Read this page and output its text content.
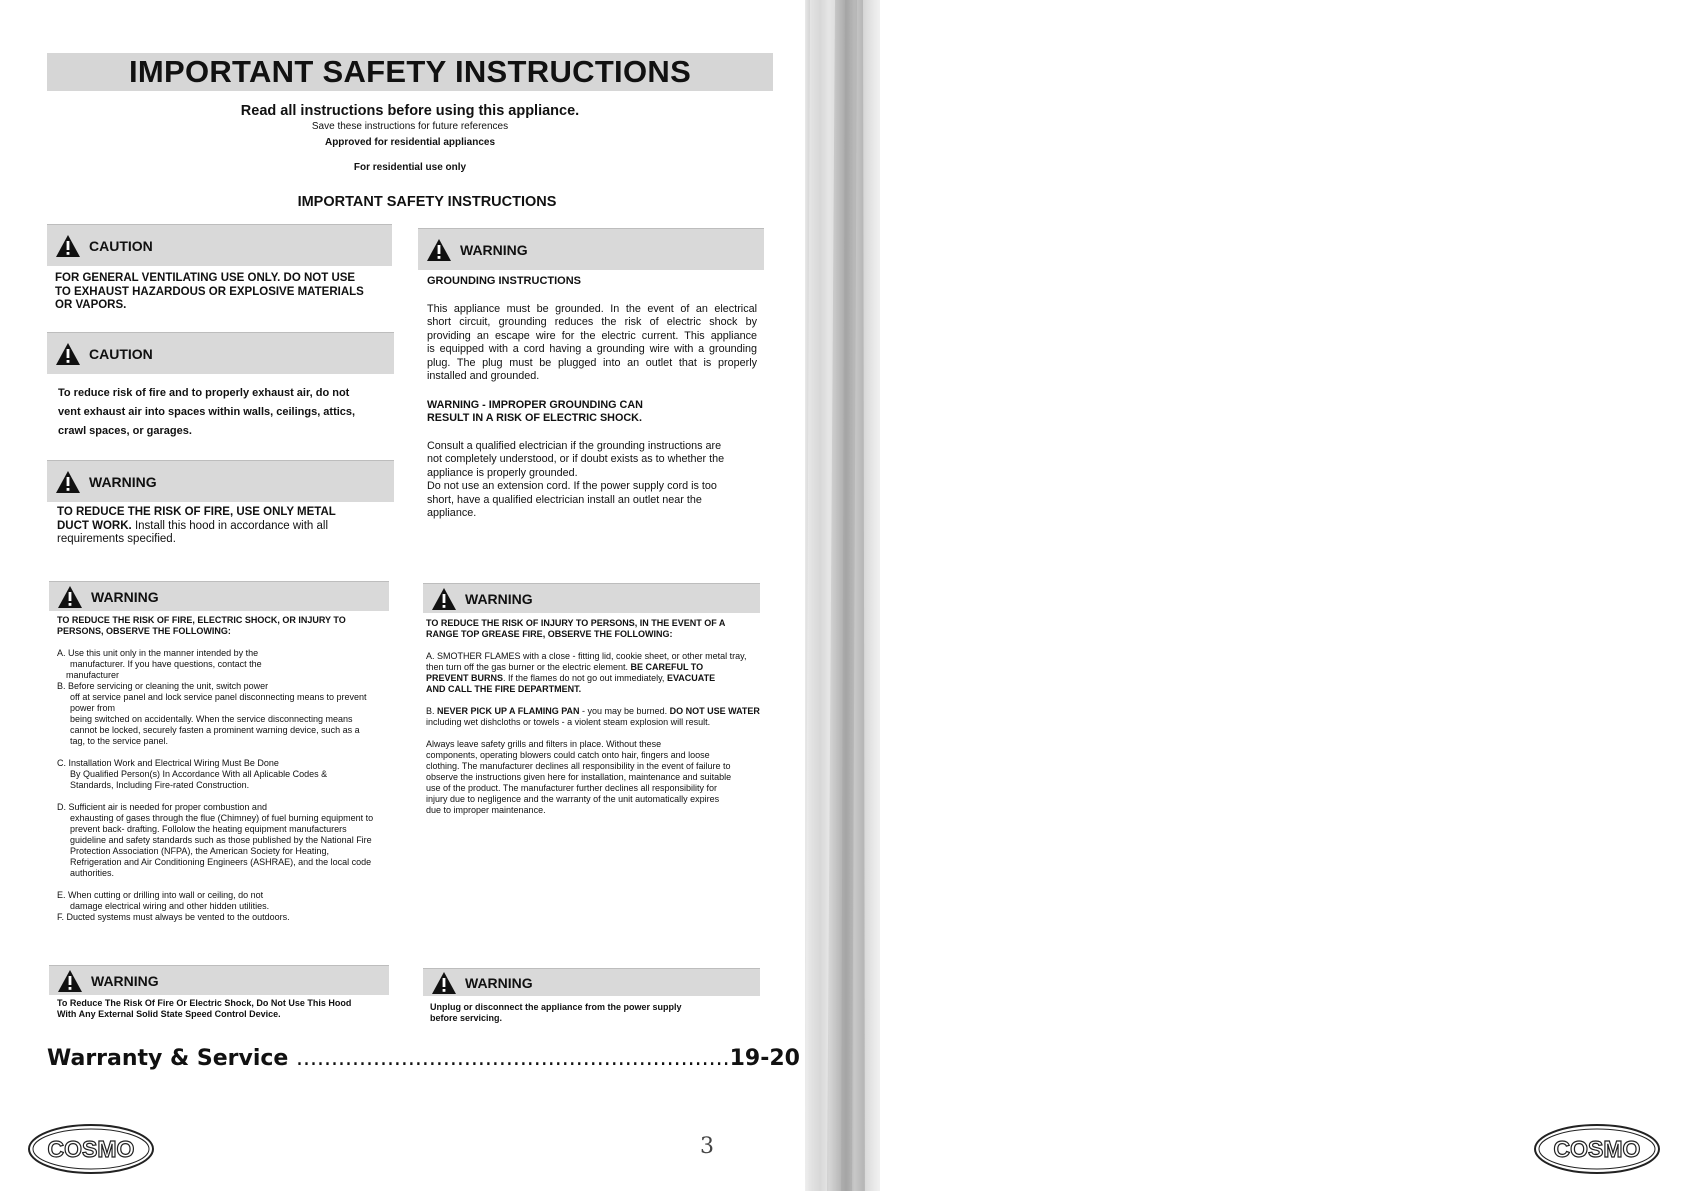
IMPORTANT SAFETY INSTRUCTIONS
Read all instructions before using this appliance.
Save these instructions for future references
Approved for residential appliances
For residential use only
IMPORTANT SAFETY INSTRUCTIONS
CAUTION
FOR GENERAL VENTILATING USE ONLY. DO NOT USE
TO EXHAUST HAZARDOUS OR EXPLOSIVE MATERIALS
OR VAPORS.
CAUTION
To reduce risk of fire and to properly exhaust air, do not
vent exhaust air into spaces within walls, ceilings, attics,
crawl spaces, or garages.
WARNING
TO REDUCE THE RISK OF FIRE, USE ONLY METAL
DUCT WORK. Install this hood in accordance with all
requirements specified.
WARNING
TO REDUCE THE RISK OF FIRE, ELECTRIC SHOCK, OR INJURY TO
PERSONS, OBSERVE THE FOLLOWING:
A. Use this unit only in the manner intended by the
manufacturer. If you have questions, contact the
manufacturer
B. Before servicing or cleaning the unit, switch power
off at service panel and lock service panel disconnecting means to prevent
power from
being switched on accidentally. When the service disconnecting means
cannot be locked, securely fasten a prominent warning device, such as a
tag, to the service panel.
C. Installation Work and Electrical Wiring Must Be Done
By Qualified Person(s) In Accordance With all Aplicable Codes &
Standards, Including Fire-rated Construction.
D. Sufficient air is needed for proper combustion and
exhausting of gases through the flue (Chimney) of fuel burning equipment to
prevent back- drafting. Follolow the heating equipment manufacturers
guideline and safety standards such as those published by the National Fire
Protection Association (NFPA), the American Society for Heating,
Refrigeration and Air Conditioning Engineers (ASHRAE), and the local code
authorities.
E. When cutting or drilling into wall or ceiling, do not
damage electrical wiring and other hidden utilities.
F. Ducted systems must always be vented to the outdoors.
WARNING
To Reduce The Risk Of Fire Or Electric Shock, Do Not Use This Hood
With Any External Solid State Speed Control Device.
WARNING
GROUNDING INSTRUCTIONS
This appliance must be grounded. In the event of an electrical
short circuit, grounding reduces the risk of electric shock by
providing an escape wire for the electric current. This appliance
is equipped with a cord having a grounding wire with a grounding
plug. The plug must be plugged into an outlet that is properly
installed and grounded.
WARNING - IMPROPER GROUNDING CAN
RESULT IN A RISK OF ELECTRIC SHOCK.
Consult a qualified electrician if the grounding instructions are
not completely understood, or if doubt exists as to whether the
appliance is properly grounded.
Do not use an extension cord. If the power supply cord is too
short, have a qualified electrician install an outlet near the
appliance.
WARNING
TO REDUCE THE RISK OF INJURY TO PERSONS, IN THE EVENT OF A
RANGE TOP GREASE FIRE, OBSERVE THE FOLLOWING:
A. SMOTHER FLAMES with a close - fitting lid, cookie sheet, or other metal tray,
then turn off the gas burner or the electric element. BE CAREFUL TO
PREVENT BURNS. If the flames do not go out immediately, EVACUATE
AND CALL THE FIRE DEPARTMENT.
B. NEVER PICK UP A FLAMING PAN - you may be burned. DO NOT USE WATER
including wet dishcloths or towels - a violent steam explosion will result.
Always leave safety grills and filters in place. Without these
components, operating blowers could catch onto hair, fingers and loose
clothing. The manufacturer declines all responsibility in the event of failure to
observe the instructions given here for installation, maintenance and suitable
use of the product. The manufacturer further declines all responsibility for
injury due to negligence and the warranty of the unit automatically expires
due to improper maintenance.
WARNING
Unplug or disconnect the appliance from the power supply
before servicing.
Warranty & Service ..............................................................19-20
COSMO	COSMO
3
